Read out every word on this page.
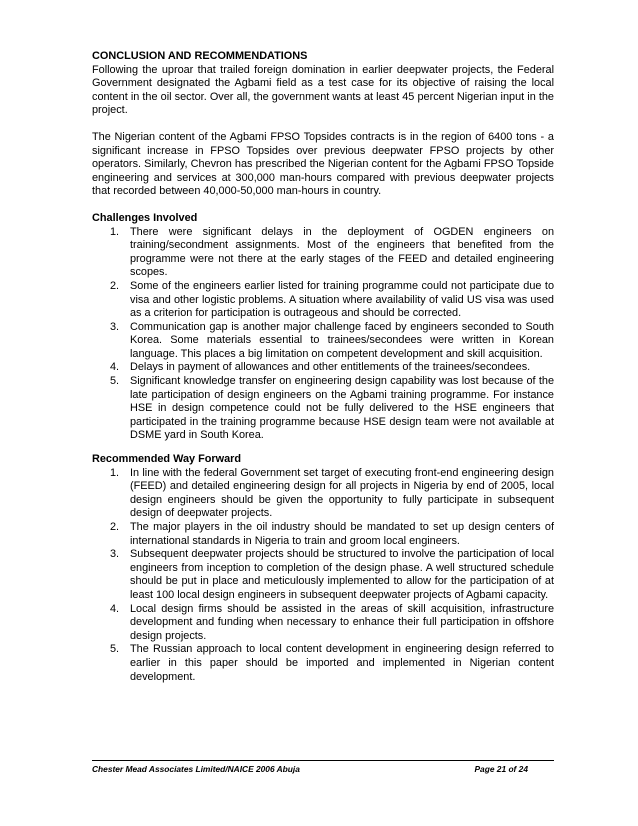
CONCLUSION AND RECOMMENDATIONS

Following the uproar that trailed foreign domination in earlier deepwater projects, the Federal Government designated the Agbami field as a test case for its objective of raising the local content in the oil sector. Over all, the government wants at least 45 percent Nigerian input in the project.

The Nigerian content of the Agbami FPSO Topsides contracts is in the region of 6400 tons - a significant increase in FPSO Topsides over previous deepwater FPSO projects by other operators. Similarly, Chevron has prescribed the Nigerian content for the Agbami FPSO Topside engineering and services at 300,000 man-hours compared with previous deepwater projects that recorded between 40,000-50,000 man-hours in country.

Challenges Involved
1. There were significant delays in the deployment of OGDEN engineers on training/secondment assignments. Most of the engineers that benefited from the programme were not there at the early stages of the FEED and detailed engineering scopes.
2. Some of the engineers earlier listed for training programme could not participate due to visa and other logistic problems. A situation where availability of valid US visa was used as a criterion for participation is outrageous and should be corrected.
3. Communication gap is another major challenge faced by engineers seconded to South Korea. Some materials essential to trainees/secondees were written in Korean language. This places a big limitation on competent development and skill acquisition.
4. Delays in payment of allowances and other entitlements of the trainees/secondees.
5. Significant knowledge transfer on engineering design capability was lost because of the late participation of design engineers on the Agbami training programme. For instance HSE in design competence could not be fully delivered to the HSE engineers that participated in the training programme because HSE design team were not available at DSME yard in South Korea.
Recommended Way Forward
1. In line with the federal Government set target of executing front-end engineering design (FEED) and detailed engineering design for all projects in Nigeria by end of 2005, local design engineers should be given the opportunity to fully participate in subsequent design of deepwater projects.
2. The major players in the oil industry should be mandated to set up design centers of international standards in Nigeria to train and groom local engineers.
3. Subsequent deepwater projects should be structured to involve the participation of local engineers from inception to completion of the design phase. A well structured schedule should be put in place and meticulously implemented to allow for the participation of at least 100 local design engineers in subsequent deepwater projects of Agbami capacity.
4. Local design firms should be assisted in the areas of skill acquisition, infrastructure development and funding when necessary to enhance their full participation in offshore design projects.
5. The Russian approach to local content development in engineering design referred to earlier in this paper should be imported and implemented in Nigerian content development.
Chester Mead Associates Limited/NAICE 2006 Abuja	Page 21 of 24
